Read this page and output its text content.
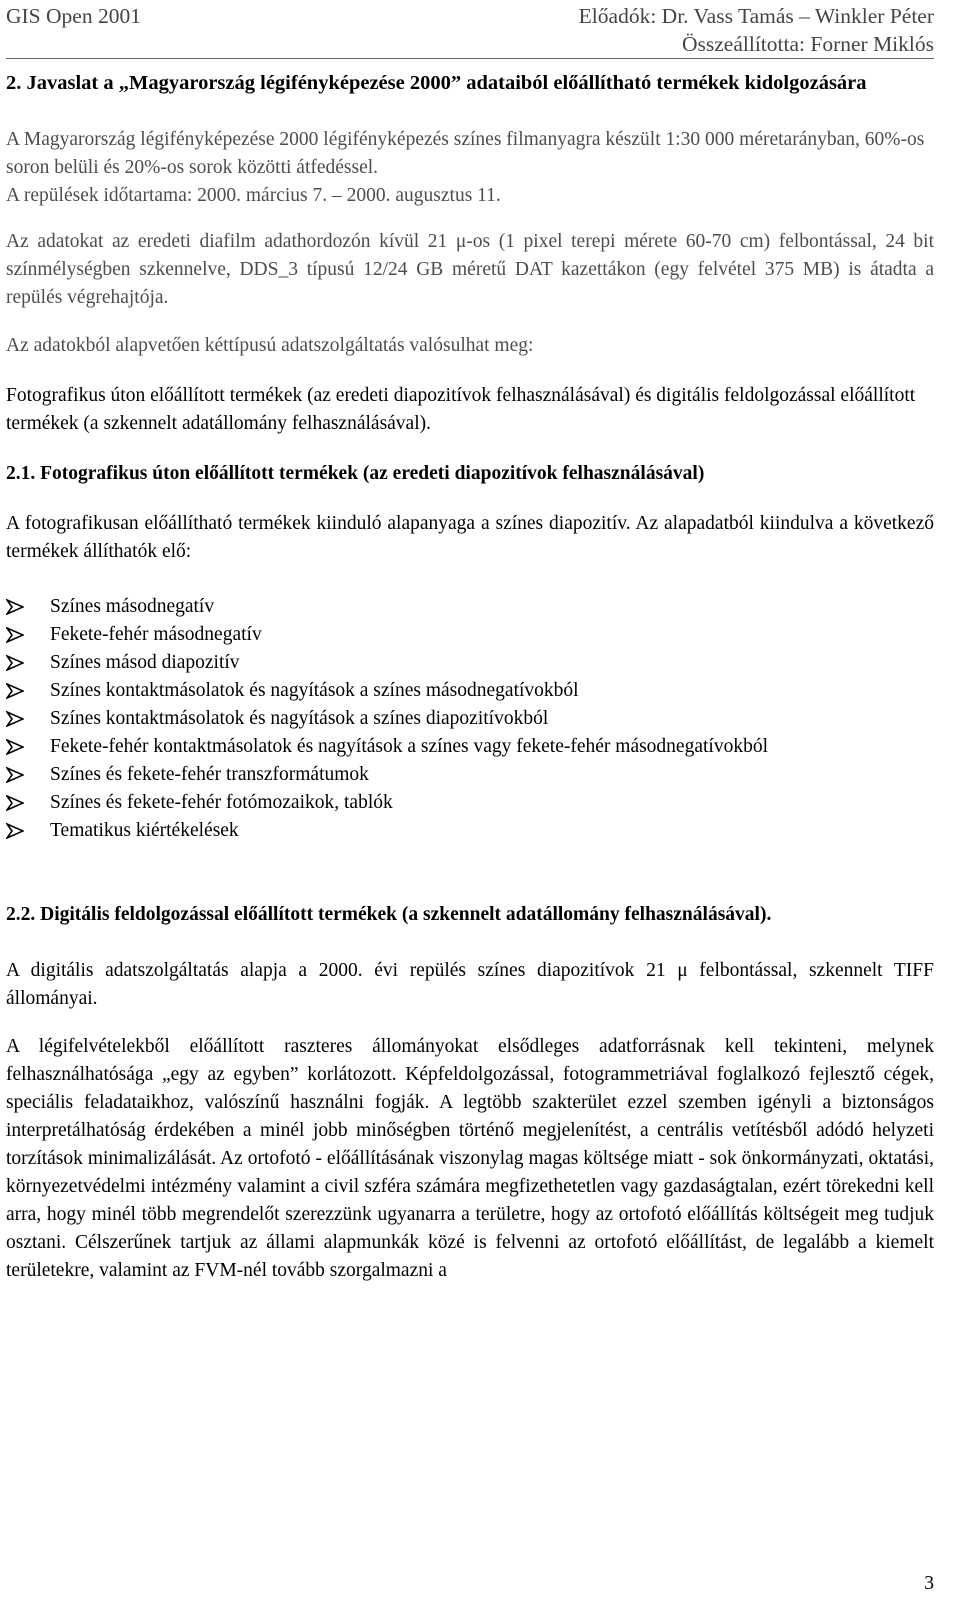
GIS Open 2001	Előadók: Dr. Vass Tamás – Winkler Péter
Összeállította: Forner Miklós
2. Javaslat a „Magyarország légifényképezése 2000” adataiból előállítható termékek kidolgozására

A Magyarország légifényképezése 2000 légifényképezés színes filmanyagra készült 1:30 000 méretarányban, 60%-os soron belüli és 20%-os sorok közötti átfedéssel.

A repülések időtartama: 2000. március 7. – 2000. augusztus 11.

Az adatokat az eredeti diafilm adathordozón kívül 21 μ-os (1 pixel terepi mérete 60-70 cm) felbontással, 24 bit színmélységben szkennelve, DDS_3 típusú 12/24 GB méretű DAT kazettákon (egy felvétel 375 MB) is átadta a repülés végrehajtója.

Az adatokból alapvetően kéttípusú adatszolgáltatás valósulhat meg:

Fotografikus úton előállított termékek (az eredeti diapozitívok felhasználásával) és digitális feldolgozással előállított termékek (a szkennelt adatállomány felhasználásával).

2.1. Fotografikus úton előállított termékek (az eredeti diapozitívok felhasználásával)

A fotografikusan előállítható termékek kiinduló alapanyaga a színes diapozitív. Az alapadatból kiindulva a következő termékek állíthatók elő:

Színes másodnegatív
Fekete-fehér másodnegatív
Színes másod diapozitív
Színes kontaktmásolatok és nagyítások a színes másodnegatívokból
Színes kontaktmásolatok és nagyítások a színes diapozitívokból
Fekete-fehér kontaktmásolatok és nagyítások a színes vagy fekete-fehér másodnegatívokból
Színes és fekete-fehér transzformátumok
Színes és fekete-fehér fotómozaikok, tablók
Tematikus kiértékelések
2.2. Digitális feldolgozással előállított termékek (a szkennelt adatállomány felhasználásával).

A digitális adatszolgáltatás alapja a 2000. évi repülés színes diapozitívok 21 μ felbontással, szkennelt TIFF állományai.

A légifelvételekből előállított raszteres állományokat elsődleges adatforrásnak kell tekinteni, melynek felhasználhatósága „egy az egyben” korlátozott. Képfeldolgozással, fotogrammetriával foglalkozó fejlesztő cégek, speciális feladataikhoz, valószínű használni fogják. A legtöbb szakterület ezzel szemben igényli a biztonságos interpretálhatóság érdekében a minél jobb minőségben történő megjelenítést, a centrális vetítésből adódó helyzeti torzítások minimalizálását. Az ortofotó - előállításának viszonylag magas költsége miatt - sok önkormányzati, oktatási, környezetvédelmi intézmény valamint a civil szféra számára megfizethetetlen vagy gazdaságtalan, ezért törekedni kell arra, hogy minél több megrendelőt szerezzünk ugyanarra a területre, hogy az ortofotó előállítás költségeit meg tudjuk osztani. Célszerűnek tartjuk az állami alapmunkák közé is felvenni az ortofotó előállítást, de legalább a kiemelt területekre, valamint az FVM-nél tovább szorgalmazni a

3
